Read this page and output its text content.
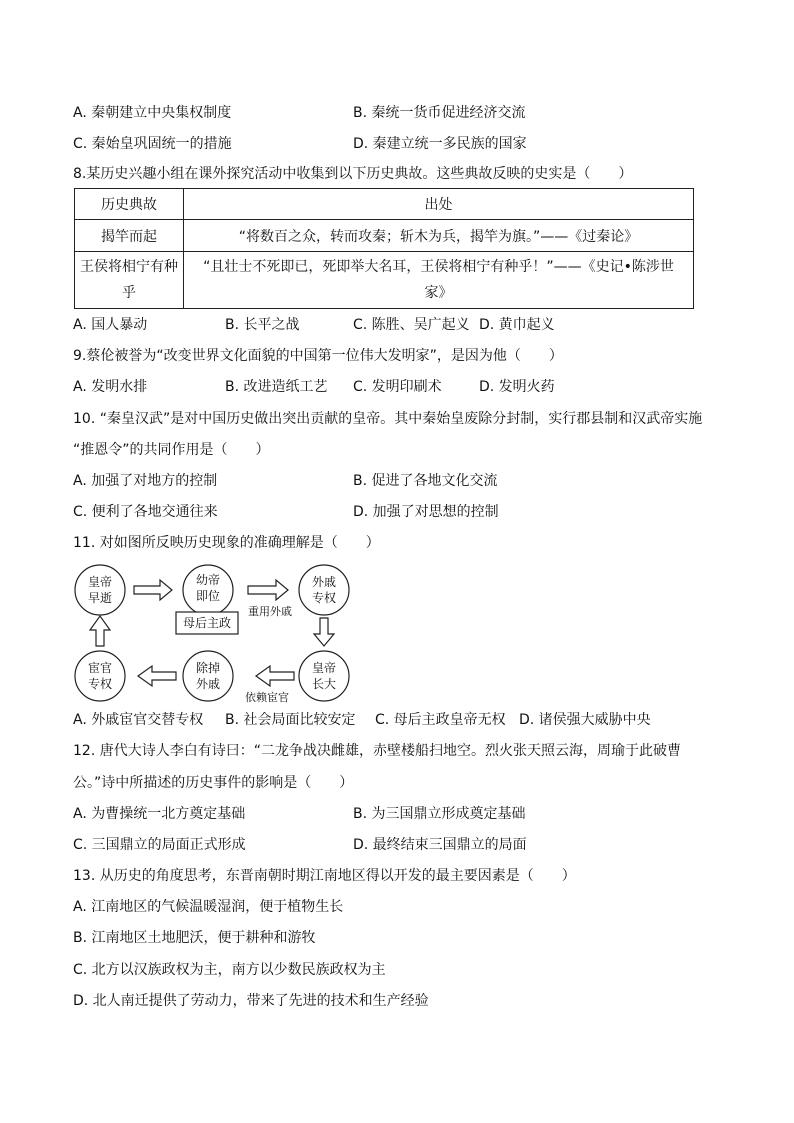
A. 秦朝建立中央集权制度	B. 秦统一货币促进经济交流
C. 秦始皇巩固统一的措施	D. 秦建立统一多民族的国家
8.某历史兴趣小组在课外探究活动中收集到以下历史典故。这些典故反映的史实是（　　）
历史典故	出处
揭竿而起	“将数百之众，转而攻秦；斩木为兵，揭竿为旗。”——《过秦论》
王侯将相宁有种乎	“且壮士不死即已，死即举大名耳，王侯将相宁有种乎！”——《史记•陈涉世家》
A. 国人暴动	B. 长平之战	C. 陈胜、吴广起义 D. 黄巾起义
9.蔡伦被誉为“改变世界文化面貌的中国第一位伟大发明家”，是因为他（　　）
A. 发明水排	B. 改进造纸工艺 C. 发明印刷术	D. 发明火药
10. “秦皇汉武”是对中国历史做出突出贡献的皇帝。其中秦始皇废除分封制，实行郡县制和汉武帝实施
“推恩令”的共同作用是（　　）
A. 加强了对地方的控制	B. 促进了各地文化交流
C. 便利了各地交通往来	D. 加强了对思想的控制
11. 对如图所反映历史现象的准确理解是（　　）
皇帝
早逝
幼帝
即位
母后主政
重用外戚
外戚
专权
皇帝
长大
依赖宦官
除掉
外戚
宦官
专权
A. 外戚宦官交替专权 B. 社会局面比较安定 C. 母后主政皇帝无权 D. 诸侯强大威胁中央
12. 唐代大诗人李白有诗曰：“二龙争战决雌雄，赤壁楼船扫地空。烈火张天照云海，周瑜于此破曹
公。”诗中所描述的历史事件的影响是（　　）
A. 为曹操统一北方奠定基础	B. 为三国鼎立形成奠定基础
C. 三国鼎立的局面正式形成	D. 最终结束三国鼎立的局面
13. 从历史的角度思考，东晋南朝时期江南地区得以开发的最主要因素是（　　）
A. 江南地区的气候温暖湿润，便于植物生长
B. 江南地区土地肥沃，便于耕种和游牧
C. 北方以汉族政权为主，南方以少数民族政权为主
D. 北人南迁提供了劳动力，带来了先进的技术和生产经验
